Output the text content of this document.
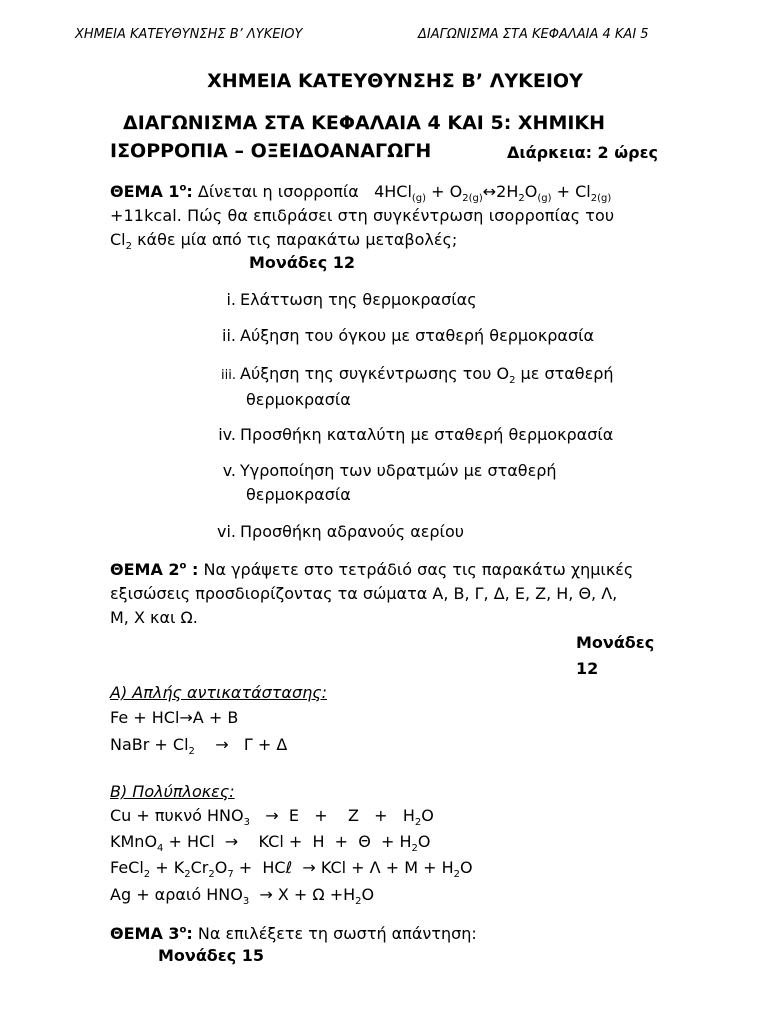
ΧΗΜΕΙΑ ΚΑΤΕΥΘΥΝΣΗΣ Β’ ΛΥΚΕΙΟΥ	ΔΙΑΓΩΝΙΣΜΑ ΣΤΑ ΚΕΦΑΛΑΙΑ 4 ΚΑΙ 5
ΧΗΜΕΙΑ ΚΑΤΕΥΘΥΝΣΗΣ Β’ ΛΥΚΕΙΟΥ
ΔΙΑΓΩΝΙΣΜΑ ΣΤΑ ΚΕΦΑΛΑΙΑ 4 ΚΑΙ 5: ΧΗΜΙΚΗ
ΙΣΟΡΡΟΠΙΑ – ΟΞΕΙΔΟΑΝΑΓΩΓΗ	Διάρκεια: 2 ώρες
ΘΕΜΑ $1^o$: Δίνεται η ισορροπία   $4HCl_{(g)} + O_{2(g)}\leftrightarrow 2H_2O_{(g)} + Cl_{2(g)}$
+11kcal. Πώς θα επιδράσει στη συγκέντρωση ισορροπίας του
$Cl_2$ κάθε μία από τις παρακάτω μεταβολές;
Μονάδες 12
i. Ελάττωση της θερμοκρασίας
ii. Αύξηση του όγκου με σταθερή θερμοκρασία
iii. Αύξηση της συγκέντρωσης του $O_2$ με σταθερή
θερμοκρασία
iv. Προσθήκη καταλύτη με σταθερή θερμοκρασία
v. Υγροποίηση των υδρατμών με σταθερή
θερμοκρασία
vi. Προσθήκη αδρανούς αερίου
ΘΕΜΑ $2^o$ : Να γράψετε στο τετράδιό σας τις παρακάτω χημικές
εξισώσεις προσδιορίζοντας τα σώματα Α, Β, Γ, Δ, Ε, Ζ, Η, Θ, Λ,
Μ, Χ και Ω.
Μονάδες
12
Α) Απλής αντικατάστασης:
Fe + HCl→Α + Β
NaBr + $Cl_2$    →   Γ + Δ
Β) Πολύπλοκες:
Cu + πυκνό $HNO_3 \to E$   +    $Z + H_2O$
KMnO$_4$ + HCl  →    KCl +  $H + \Theta + H_2O$
FeCl$_2$ + $K_2Cr_2O_7$ +  HCℓ  → KCl + $\Lambda + M + H_2O$
Ag + αραιό $HNO_3 \to X + \Omega +H_2O$
ΘΕΜΑ $3^o$: Να επιλέξετε τη σωστή απάντηση:
Μονάδες 15
